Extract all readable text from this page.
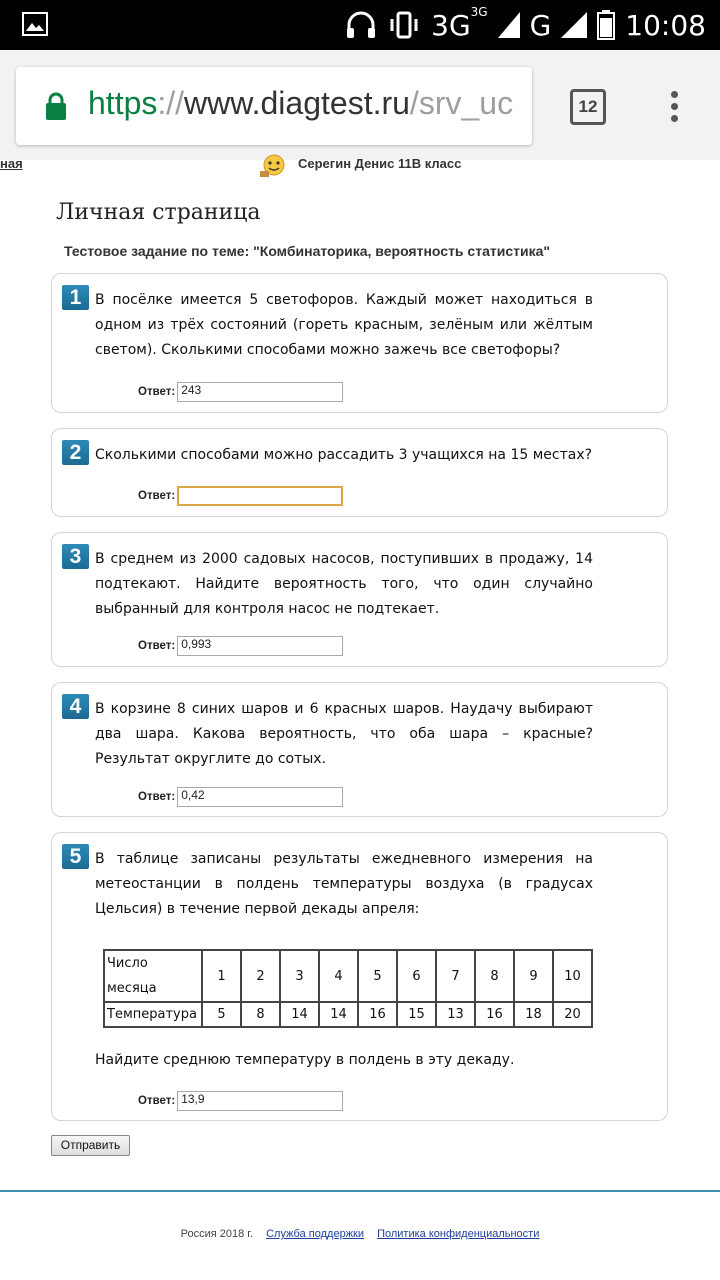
$3G^{3G}$ G	10:08
https://www.diagtest.ru/srv_uc	12
ная	Серегин Денис 11В класс
Личная страница
Тестовое задание по теме: "Комбинаторика, вероятность статистика"
1 В посёлке имеется 5 светофоров. Каждый может находиться в одном из трёх состояний (гореть красным, зелёным или жёлтым светом). Сколькими способами можно зажечь все светофоры?
Ответ: 243
2 Сколькими способами можно рассадить 3 учащихся на 15 местах?
Ответ:
3 В среднем из 2000 садовых насосов, поступивших в продажу, 14 подтекают. Найдите вероятность того, что один случайно выбранный для контроля насос не подтекает.
Ответ: 0,993
4 В корзине 8 синих шаров и 6 красных шаров. Наудачу выбирают два шара. Какова вероятность, что оба шара – красные? Результат округлите до сотых.
Ответ: 0,42
5 В таблице записаны результаты ежедневного измерения на метеостанции в полдень температуры воздуха (в градусах Цельсия) в течение первой декады апреля:
Число
месяца	1	2	3	4	5	6	7	8	9	10
Температура	5	8	14	14	16	15	13	16	18	20
Найдите среднюю температуру в полдень в эту декаду.
Ответ: 13,9
Отправить
Россия 2018 г. Служба поддержки Политика конфиденциальности
